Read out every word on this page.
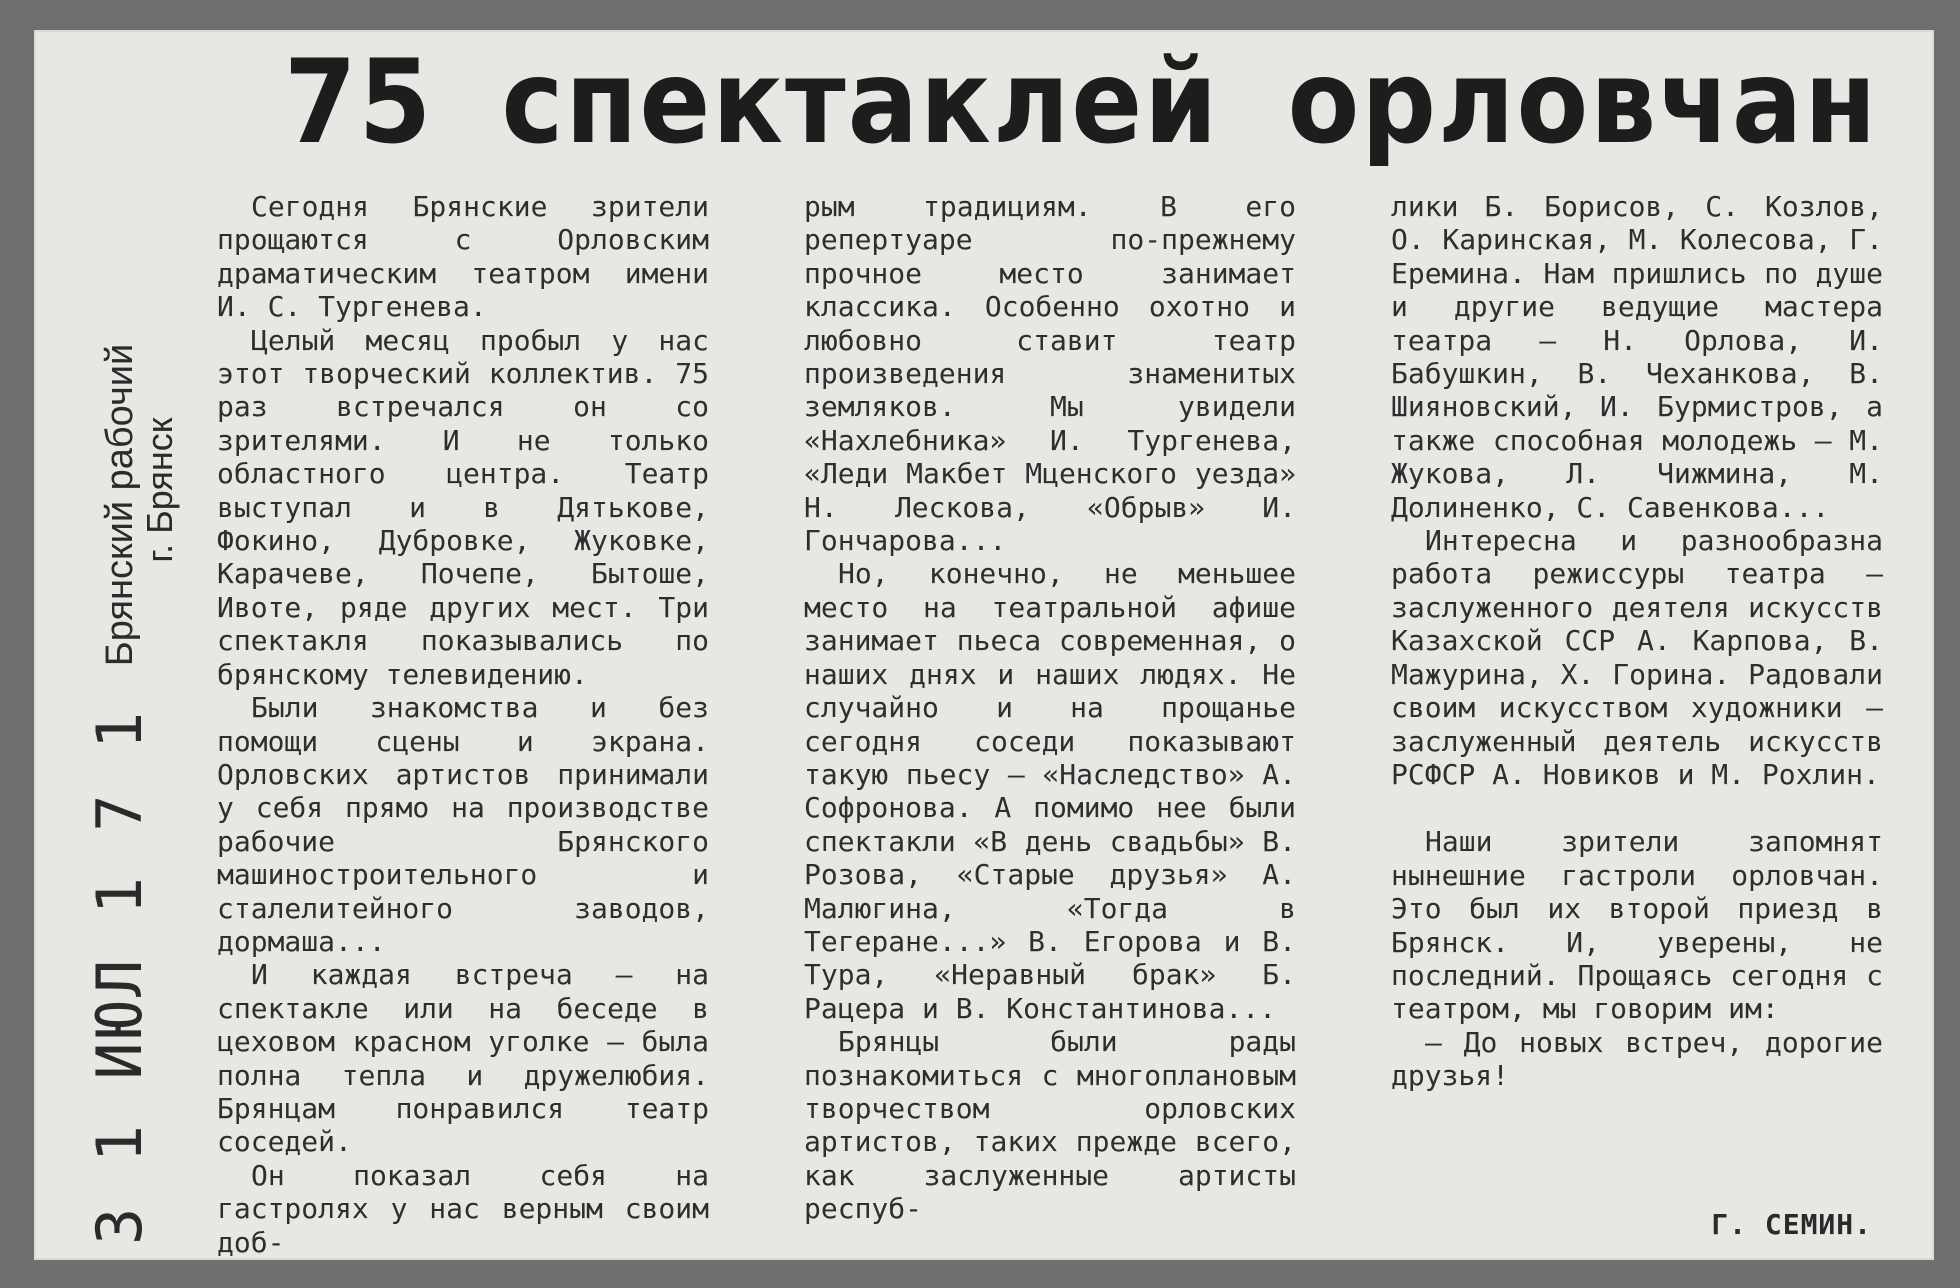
75 спектаклей орловчан
Брянский рабочий
г. Брянск
3 1 ИЮЛ 1 7 1

Сегодня Брянские зрители прощаются с Орловским драматическим театром имени И. С. Тургенева.

Целый месяц пробыл у нас этот творческий коллектив. 75 раз встречался он со зрителями. И не только областного центра. Театр выступал и в Дятькове, Фокино, Дубровке, Жуковке, Карачеве, Почепе, Бытоше, Ивоте, ряде других мест. Три спектакля показывались по брянскому телевидению.

Были знакомства и без помощи сцены и экрана. Орловских артистов принимали у себя прямо на производстве рабочие Брянского машиностроительного и сталелитейного заводов, дормаша...

И каждая встреча — на спектакле или на беседе в цеховом красном уголке — была полна тепла и дружелюбия. Брянцам понравился театр соседей.

Он показал себя на гастролях у нас верным своим доб-

рым традициям. В его репертуаре по-прежнему прочное место занимает классика. Особенно охотно и любовно ставит театр произведения знаменитых земляков. Мы увидели «Нахлебника» И. Тургенева, «Леди Макбет Мценского уезда» Н. Лескова, «Обрыв» И. Гончарова...

Но, конечно, не меньшее место на театральной афише занимает пьеса современная, о наших днях и наших людях. Не случайно и на прощанье сегодня соседи показывают такую пьесу — «Наследство» А. Софронова. А помимо нее были спектакли «В день свадьбы» В. Розова, «Старые друзья» А. Малюгина, «Тогда в Тегеране...» В. Егорова и В. Тура, «Неравный брак» Б. Рацера и В. Константинова...

Брянцы были рады познакомиться с многоплановым творчеством орловских артистов, таких прежде всего, как заслуженные артисты респуб-

лики Б. Борисов, С. Козлов, О. Каринская, М. Колесова, Г. Еремина. Нам пришлись по душе и другие ведущие мастера театра — Н. Орлова, И. Бабушкин, В. Чеханкова, В. Шияновский, И. Бурмистров, а также способная молодежь — М. Жукова, Л. Чижмина, М. Долиненко, С. Савенкова...

Интересна и разнообразна работа режиссуры театра — заслуженного деятеля искусств Казахской ССР А. Карпова, В. Мажурина, Х. Горина. Радовали своим искусством художники — заслуженный деятель искусств РСФСР А. Новиков и М. Рохлин.

Наши зрители запомнят нынешние гастроли орловчан. Это был их второй приезд в Брянск. И, уверены, не последний. Прощаясь сегодня с театром, мы говорим им:

— До новых встреч, дорогие друзья!

Г. СЕМИН.
